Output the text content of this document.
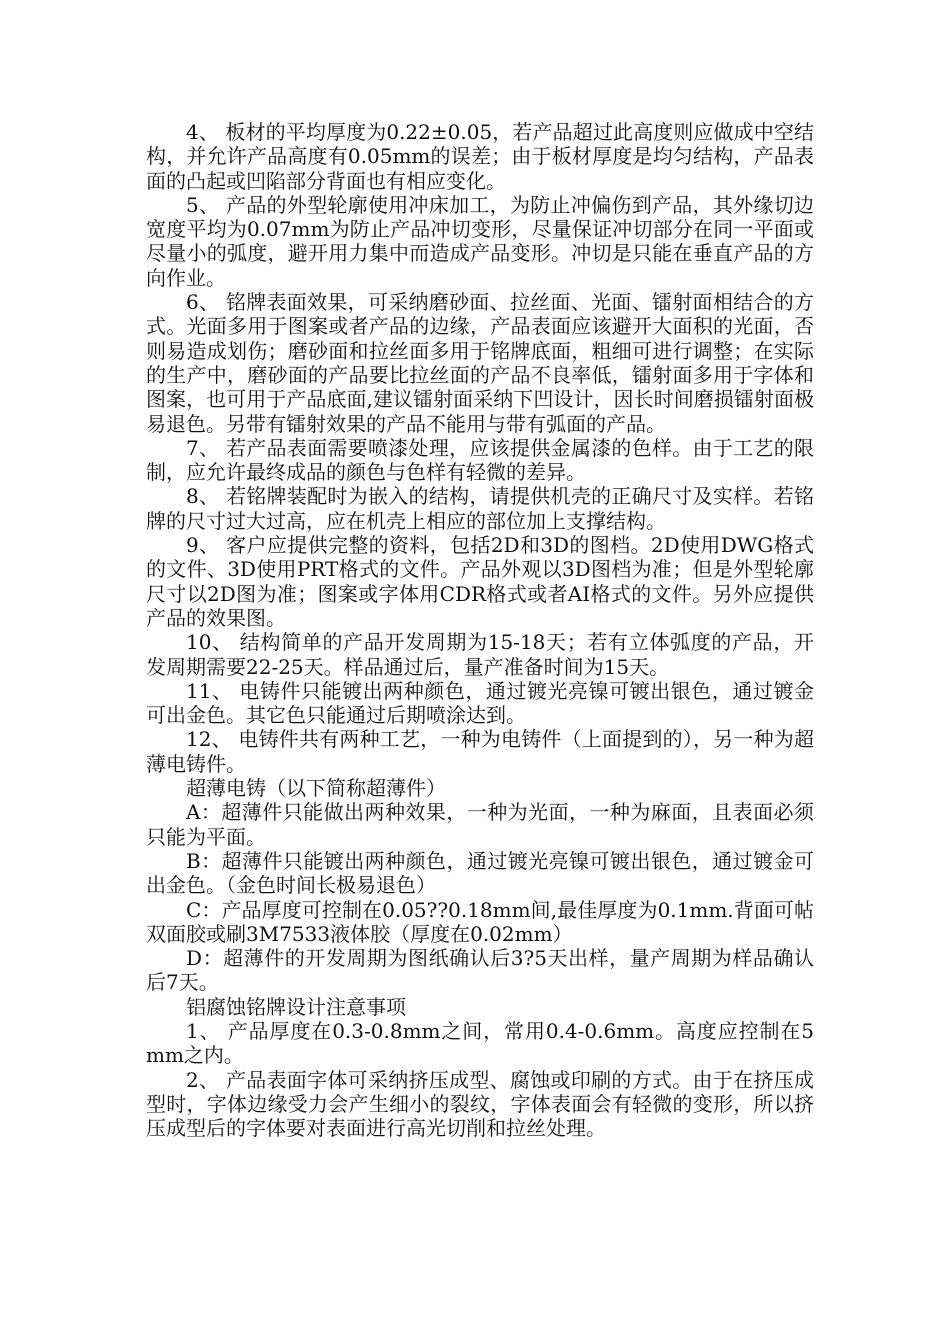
4、 板材的平均厚度为0.22±0.05，若产品超过此高度则应做成中空结构，并允许产品高度有0.05mm的误差；由于板材厚度是均匀结构，产品表面的凸起或凹陷部分背面也有相应变化。

5、 产品的外型轮廓使用冲床加工，为防止冲偏伤到产品，其外缘切边宽度平均为0.07mm为防止产品冲切变形，尽量保证冲切部分在同一平面或尽量小的弧度，避开用力集中而造成产品变形。冲切是只能在垂直产品的方向作业。

6、 铭牌表面效果，可采纳磨砂面、拉丝面、光面、镭射面相结合的方式。光面多用于图案或者产品的边缘，产品表面应该避开大面积的光面，否则易造成划伤；磨砂面和拉丝面多用于铭牌底面，粗细可进行调整；在实际的生产中，磨砂面的产品要比拉丝面的产品不良率低，镭射面多用于字体和图案，也可用于产品底面,建议镭射面采纳下凹设计，因长时间磨损镭射面极易退色。另带有镭射效果的产品不能用与带有弧面的产品。

7、 若产品表面需要喷漆处理，应该提供金属漆的色样。由于工艺的限制，应允许最终成品的颜色与色样有轻微的差异。

8、 若铭牌装配时为嵌入的结构，请提供机壳的正确尺寸及实样。若铭牌的尺寸过大过高，应在机壳上相应的部位加上支撑结构。

9、 客户应提供完整的资料，包括2D和3D的图档。2D使用DWG格式的文件、3D使用PRT格式的文件。产品外观以3D图档为准；但是外型轮廓尺寸以2D图为准；图案或字体用CDR格式或者AI格式的文件。另外应提供产品的效果图。

10、 结构简单的产品开发周期为15-18天；若有立体弧度的产品，开发周期需要22-25天。样品通过后，量产准备时间为15天。

11、 电铸件只能镀出两种颜色，通过镀光亮镍可镀出银色，通过镀金可出金色。其它色只能通过后期喷涂达到。

12、 电铸件共有两种工艺，一种为电铸件（上面提到的），另一种为超薄电铸件。

超薄电铸（以下简称超薄件）

A：超薄件只能做出两种效果，一种为光面，一种为麻面，且表面必须只能为平面。

B：超薄件只能镀出两种颜色，通过镀光亮镍可镀出银色，通过镀金可出金色。（金色时间长极易退色）

C：产品厚度可控制在0.05??0.18mm间,最佳厚度为0.1mm.背面可帖双面胶或刷3M7533液体胶（厚度在0.02mm）

D：超薄件的开发周期为图纸确认后3?5天出样，量产周期为样品确认后7天。

铝腐蚀铭牌设计注意事项

1、 产品厚度在0.3-0.8mm之间，常用0.4-0.6mm。高度应控制在5 mm之内。

2、 产品表面字体可采纳挤压成型、腐蚀或印刷的方式。由于在挤压成型时，字体边缘受力会产生细小的裂纹，字体表面会有轻微的变形，所以挤压成型后的字体要对表面进行高光切削和拉丝处理。
